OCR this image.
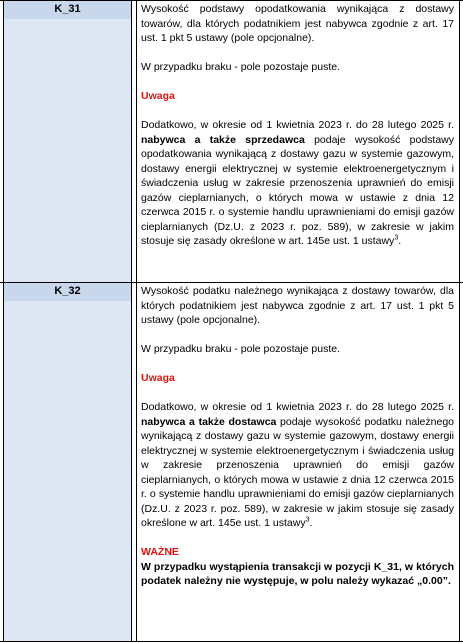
K_31	Wysokość podstawy opodatkowania wynikająca z dostawy towarów, dla których podatnikiem jest nabywca zgodnie z art. 17 ust. 1 pkt 5 ustawy (pole opcjonalne).

W przypadku braku - pole pozostaje puste.

Uwaga

Dodatkowo, w okresie od 1 kwietnia 2023 r. do 28 lutego 2025 r. nabywca a także sprzedawca podaje wysokość podstawy opodatkowania wynikającą z dostawy gazu w systemie gazowym, dostawy energii elektrycznej w systemie elektroenergetycznym i świadczenia usług w zakresie przenoszenia uprawnień do emisji gazów cieplarnianych, o których mowa w ustawie z dnia 12 czerwca 2015 r. o systemie handlu uprawnieniami do emisji gazów cieplarnianych (Dz.U. z 2023 r. poz. 589), w zakresie w jakim stosuje się zasady określone w art. 145e ust. 1 ustawy$^3$.

K_32	Wysokość podatku należnego wynikająca z dostawy towarów, dla których podatnikiem jest nabywca zgodnie z art. 17 ust. 1 pkt 5 ustawy (pole opcjonalne).

W przypadku braku - pole pozostaje puste.

Uwaga

Dodatkowo, w okresie od 1 kwietnia 2023 r. do 28 lutego 2025 r. nabywca a także dostawca podaje wysokość podatku należnego wynikającą z dostawy gazu w systemie gazowym, dostawy energii elektrycznej w systemie elektroenergetycznym i świadczenia usług w zakresie przenoszenia uprawnień do emisji gazów cieplarnianych, o których mowa w ustawie z dnia 12 czerwca 2015 r. o systemie handlu uprawnieniami do emisji gazów cieplarnianych (Dz.U. z 2023 r. poz. 589), w zakresie w jakim stosuje się zasady określone w art. 145e ust. 1 ustawy$^3$.

WAŻNE

W przypadku wystąpienia transakcji w pozycji K_31, w których podatek należny nie występuje, w polu należy wykazać „0.00”.
